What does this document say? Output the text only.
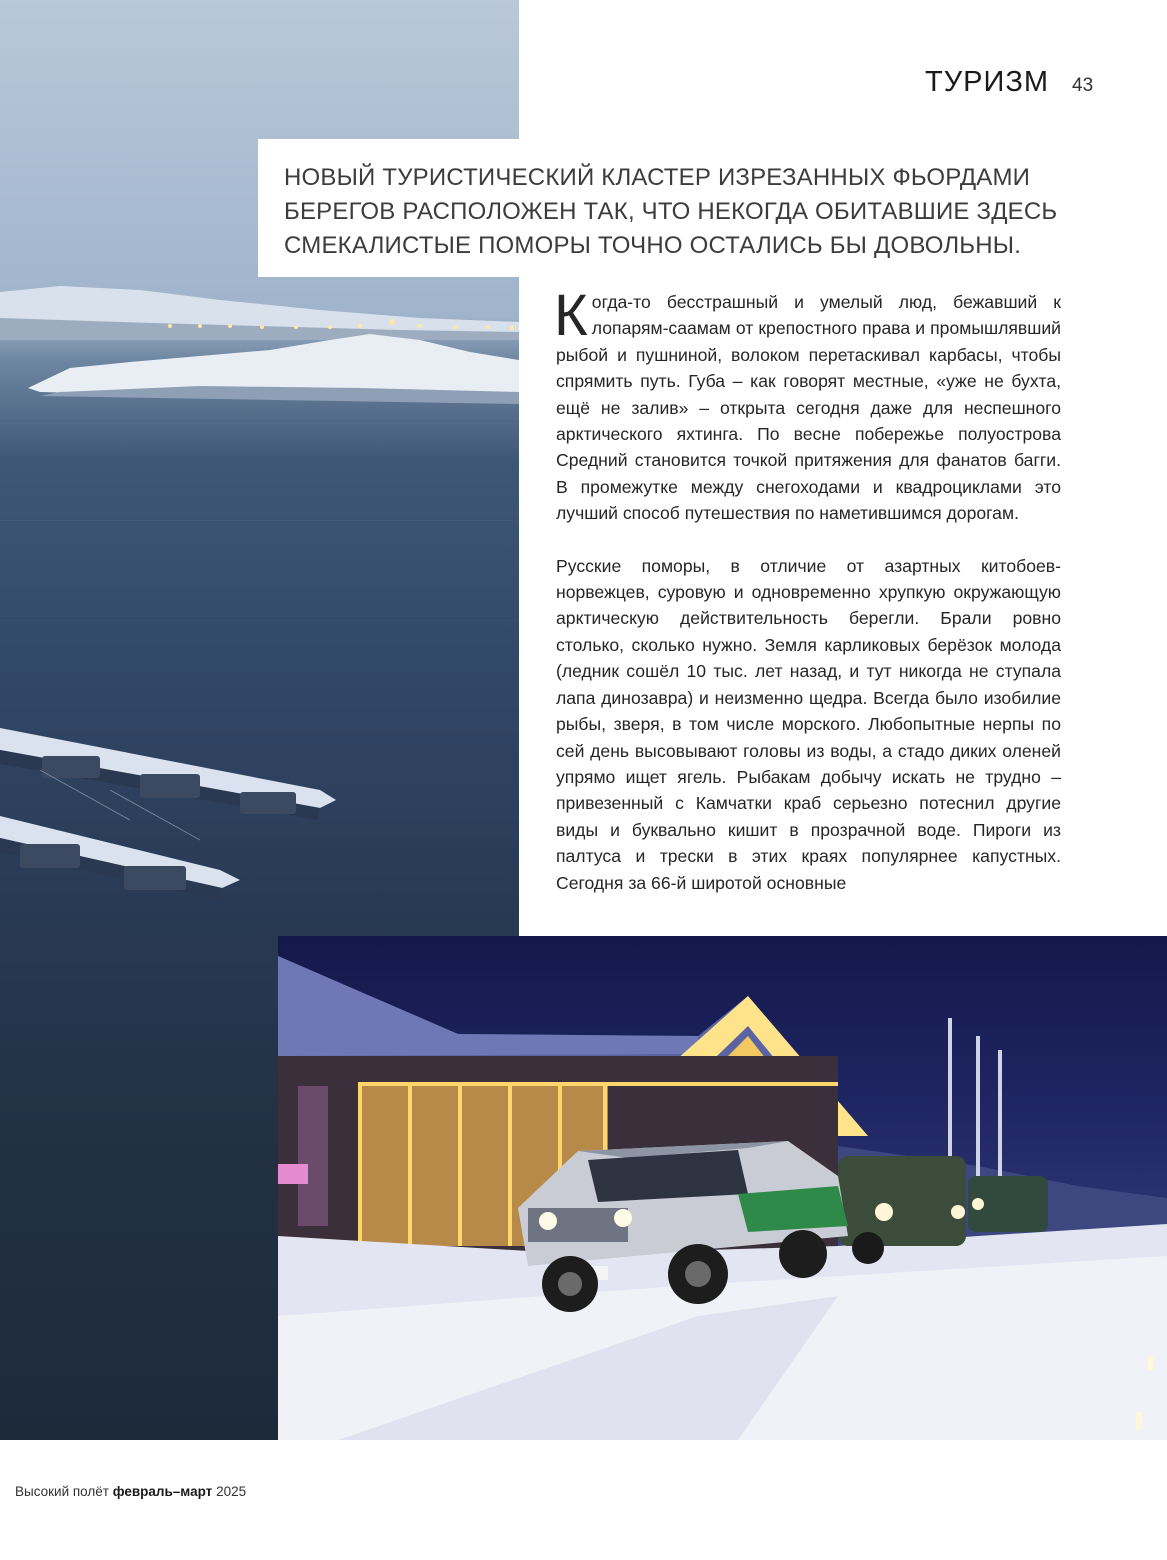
ТУРИЗМ 43

НОВЫЙ ТУРИСТИЧЕСКИЙ КЛАСТЕР ИЗРЕЗАННЫХ ФЬОРДАМИ БЕРЕГОВ РАСПОЛОЖЕН ТАК, ЧТО НЕКОГДА ОБИТАВШИЕ ЗДЕСЬ СМЕКАЛИСТЫЕ ПОМОРЫ ТОЧНО ОСТАЛИСЬ БЫ ДОВОЛЬНЫ.

Когда-то бесстрашный и умелый люд, бежавший к лопарям-саамам от крепостного права и промышлявший рыбой и пушниной, волоком перетаскивал карбасы, чтобы спрямить путь. Губа – как говорят местные, «уже не бухта, ещё не залив» – открыта сегодня даже для неспешного арктического яхтинга. По весне побережье полуострова Средний становится точкой притяжения для фанатов багги. В промежутке между снегоходами и квадроциклами это лучший способ путешествия по наметившимся дорогам.

Русские поморы, в отличие от азартных китобоев-норвежцев, суровую и одновременно хрупкую окружающую арктическую действительность берегли. Брали ровно столько, сколько нужно. Земля карликовых берёзок молода (ледник сошёл 10 тыс. лет назад, и тут никогда не ступала лапа динозавра) и неизменно щедра. Всегда было изобилие рыбы, зверя, в том числе морского. Любопытные нерпы по сей день высовывают головы из воды, а стадо диких оленей упрямо ищет ягель. Рыбакам добычу искать не трудно – привезенный с Камчатки краб серьезно потеснил другие виды и буквально кишит в прозрачной воде. Пироги из палтуса и трески в этих краях популярнее капустных. Сегодня за 66-й широтой основные

Высокий полёт февраль–март 2025
